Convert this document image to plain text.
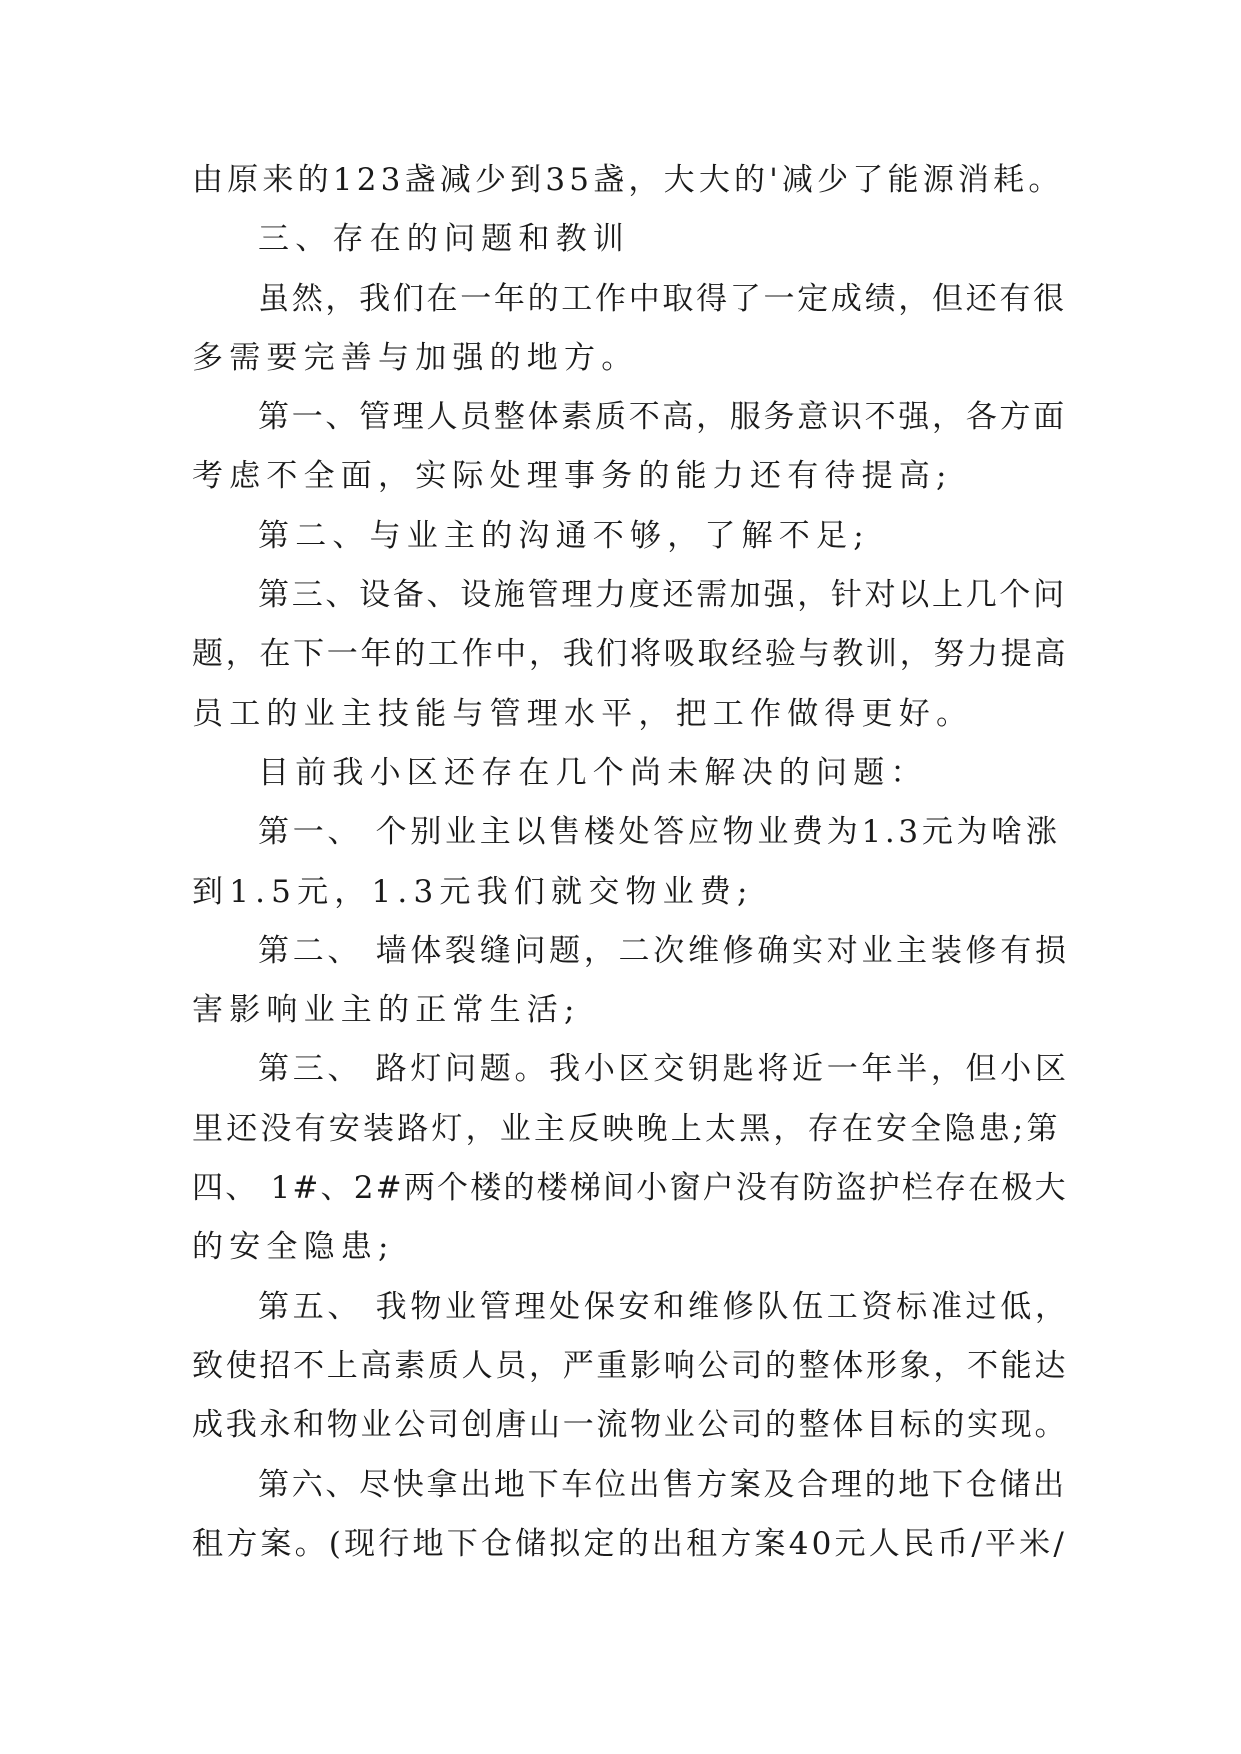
由原来的123盏减少到35盏，大大的'减少了能源消耗。
三、存在的问题和教训
虽然，我们在一年的工作中取得了一定成绩，但还有很
多需要完善与加强的地方。
第一、管理人员整体素质不高，服务意识不强，各方面
考虑不全面，实际处理事务的能力还有待提高;
第二、与业主的沟通不够，了解不足;
第三、设备、设施管理力度还需加强，针对以上几个问
题，在下一年的工作中，我们将吸取经验与教训，努力提高
员工的业主技能与管理水平，把工作做得更好。
目前我小区还存在几个尚未解决的问题：
第一、 个别业主以售楼处答应物业费为1.3元为啥涨
到1.5元，1.3元我们就交物业费;
第二、 墙体裂缝问题，二次维修确实对业主装修有损
害影响业主的正常生活;
第三、 路灯问题。我小区交钥匙将近一年半，但小区
里还没有安装路灯，业主反映晚上太黑，存在安全隐患;第
四、 1#、2#两个楼的楼梯间小窗户没有防盗护栏存在极大
的安全隐患;
第五、 我物业管理处保安和维修队伍工资标准过低，
致使招不上高素质人员，严重影响公司的整体形象，不能达
成我永和物业公司创唐山一流物业公司的整体目标的实现。
第六、尽快拿出地下车位出售方案及合理的地下仓储出
租方案。(现行地下仓储拟定的出租方案40元人民币/平米/
